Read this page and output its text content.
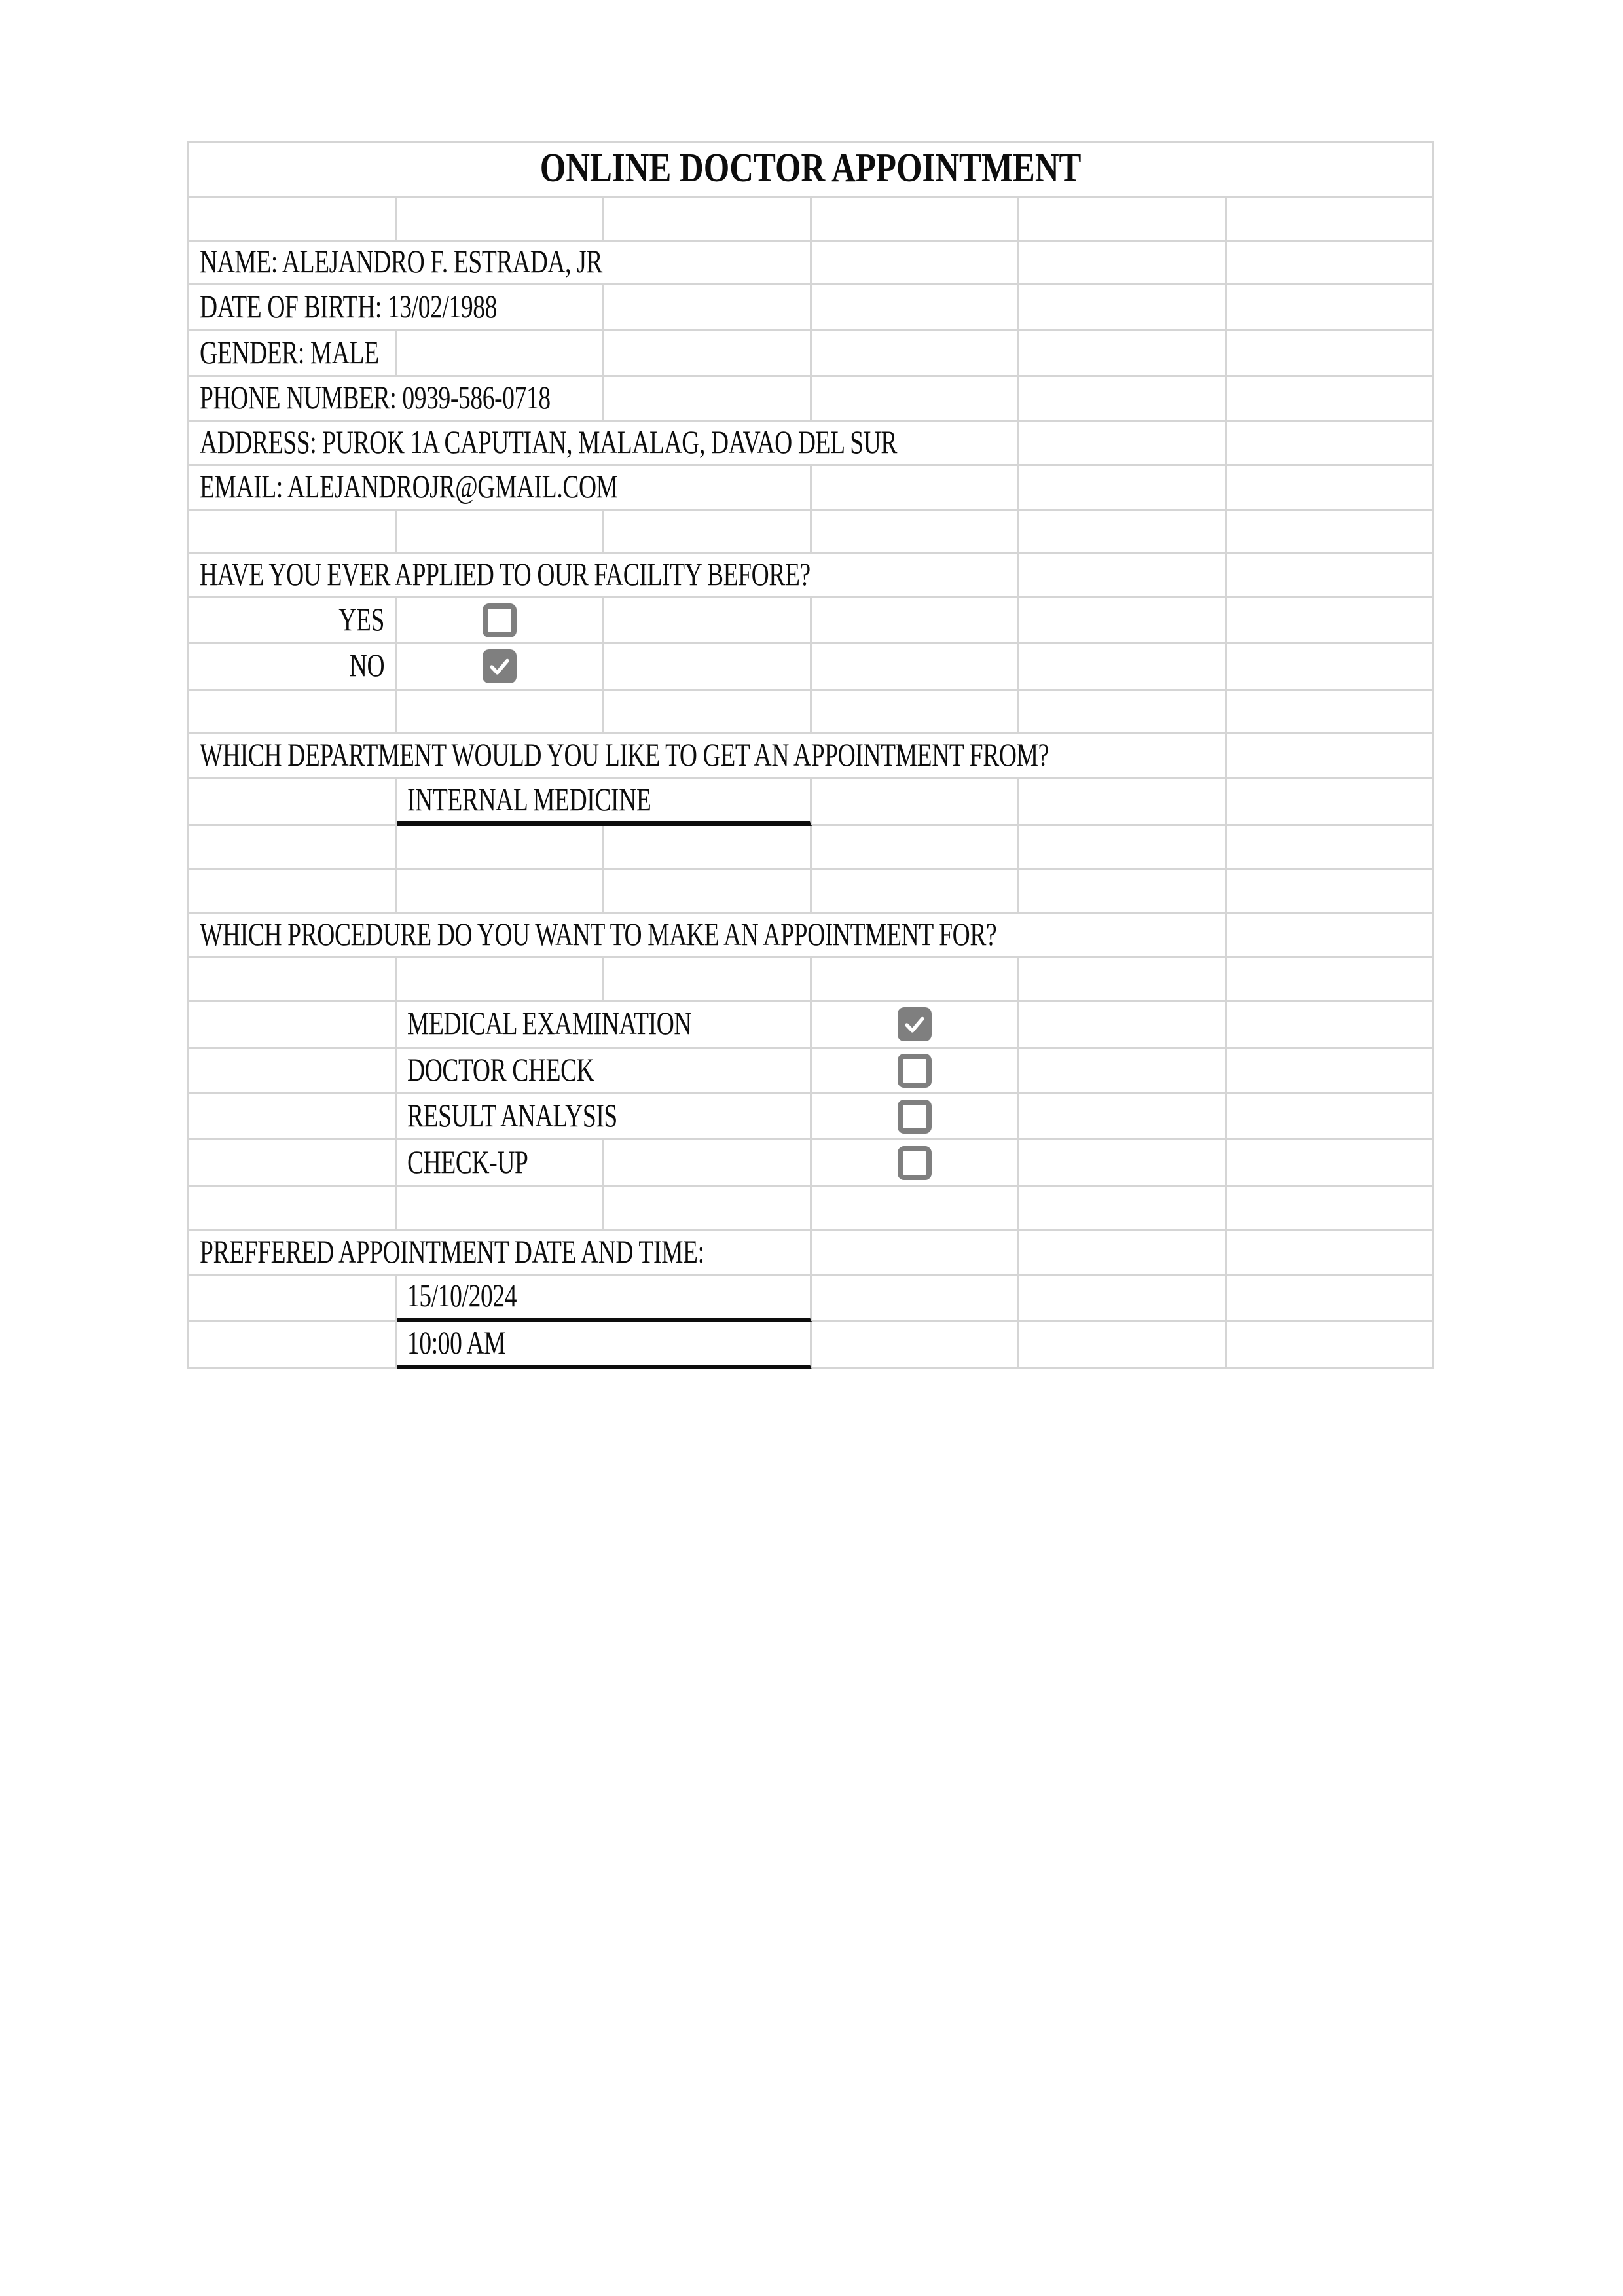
ONLINE DOCTOR APPOINTMENT
NAME: ALEJANDRO F. ESTRADA, JR
DATE OF BIRTH: 13/02/1988
GENDER: MALE
PHONE NUMBER: 0939-586-0718
ADDRESS: PUROK 1A CAPUTIAN, MALALAG, DAVAO DEL SUR
EMAIL: ALEJANDROJR@GMAIL.COM
HAVE YOU EVER APPLIED TO OUR FACILITY BEFORE?
YES
NO
WHICH DEPARTMENT WOULD YOU LIKE TO GET AN APPOINTMENT FROM?
INTERNAL MEDICINE
WHICH PROCEDURE DO YOU WANT TO MAKE AN APPOINTMENT FOR?
MEDICAL EXAMINATION
DOCTOR CHECK
RESULT ANALYSIS
CHECK-UP
PREFFERED APPOINTMENT DATE AND TIME:
15/10/2024
10:00 AM
